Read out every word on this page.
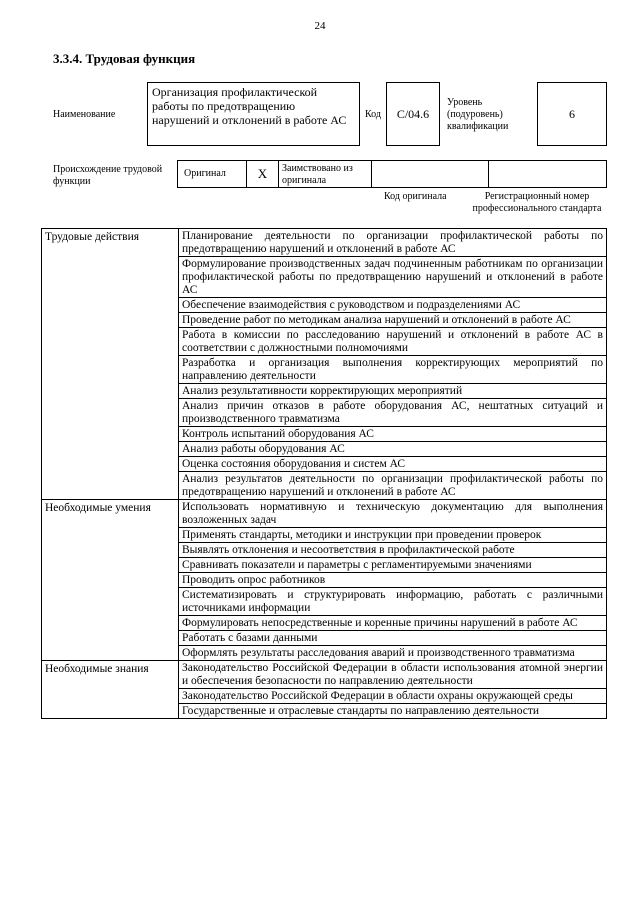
24
3.3.4. Трудовая функция
Наименование
Организация профилактической работы по предотвращению нарушений и отклонений в работе АС	Код	С/04.6
Уровень (подуровень) квалификации
6
Происхождение трудовой функции
Оригинал	X	Заимствовано из оригинала
Код оригинала	Регистрационный номер профессионального стандарта
Трудовые действия	Планирование деятельности по организации профилактической работы по предотвращению нарушений и отклонений в работе АС
	Формулирование производственных задач подчиненным работникам по организации профилактической работы по предотвращению нарушений и отклонений в работе АС
	Обеспечение взаимодействия с руководством и подразделениями АС
	Проведение работ по методикам анализа нарушений и отклонений в работе АС
	Работа в комиссии по расследованию нарушений и отклонений в работе АС в соответствии с должностными полномочиями
	Разработка и организация выполнения корректирующих мероприятий по направлению деятельности
	Анализ результативности корректирующих мероприятий
	Анализ причин отказов в работе оборудования АС, нештатных ситуаций и производственного травматизма
	Контроль испытаний оборудования АС
	Анализ работы оборудования АС
	Оценка состояния оборудования и систем АС
	Анализ результатов деятельности по организации профилактической работы по предотвращению нарушений и отклонений в работе АС
Необходимые умения	Использовать нормативную и техническую документацию для выполнения возложенных задач
	Применять стандарты, методики и инструкции при проведении проверок
	Выявлять отклонения и несоответствия в профилактической работе
	Сравнивать показатели и параметры с регламентируемыми значениями
	Проводить опрос работников
	Систематизировать и структурировать информацию, работать с различными источниками информации
	Формулировать непосредственные и коренные причины нарушений в работе АС
	Работать с базами данными
	Оформлять результаты расследования аварий и производственного травматизма
Необходимые знания	Законодательство Российской Федерации в области использования атомной энергии и обеспечения безопасности по направлению деятельности
	Законодательство Российской Федерации в области охраны окружающей среды
	Государственные и отраслевые стандарты по направлению деятельности
